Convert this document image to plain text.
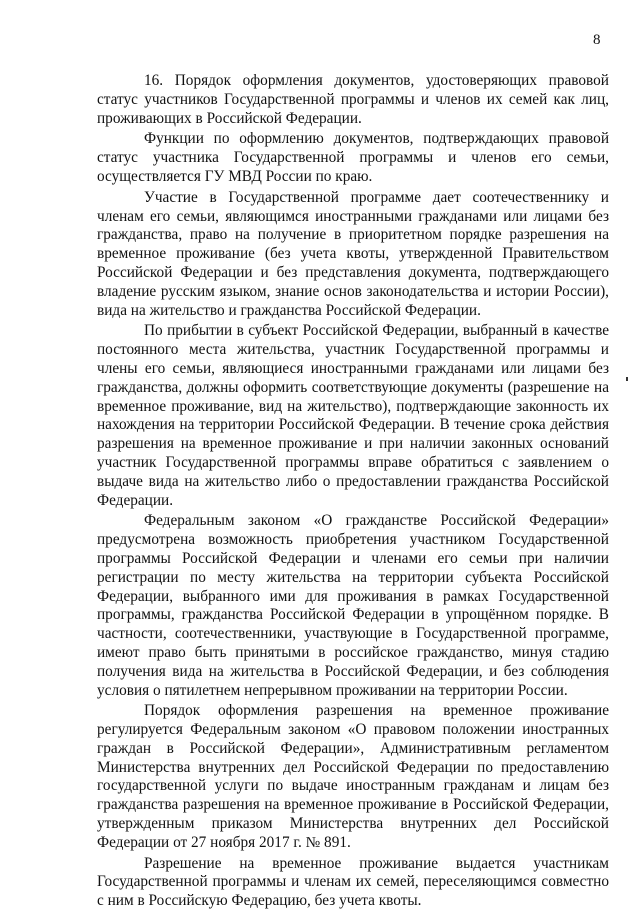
8

16. Порядок оформления документов, удостоверяющих правовой статус участников Государственной программы и членов их семей как лиц, проживающих в Российской Федерации.

Функции по оформлению документов, подтверждающих правовой статус участника Государственной программы и членов его семьи, осуществляется ГУ МВД России по краю.

Участие в Государственной программе дает соотечественнику и членам его семьи, являющимся иностранными гражданами или лицами без гражданства, право на получение в приоритетном порядке разрешения на временное проживание (без учета квоты, утвержденной Правительством Российской Федерации и без представления документа, подтверждающего владение русским языком, знание основ законодательства и истории России), вида на жительство и гражданства Российской Федерации.

По прибытии в субъект Российской Федерации, выбранный в качестве постоянного места жительства, участник Государственной программы и члены его семьи, являющиеся иностранными гражданами или лицами без гражданства, должны оформить соответствующие документы (разрешение на временное проживание, вид на жительство), подтверждающие законность их нахождения на территории Российской Федерации. В течение срока действия разрешения на временное проживание и при наличии законных оснований участник Государственной программы вправе обратиться с заявлением о выдаче вида на жительство либо о предоставлении гражданства Российской Федерации.

Федеральным законом «О гражданстве Российской Федерации» предусмотрена возможность приобретения участником Государственной программы Российской Федерации и членами его семьи при наличии регистрации по месту жительства на территории субъекта Российской Федерации, выбранного ими для проживания в рамках Государственной программы, гражданства Российской Федерации в упрощённом порядке. В частности, соотечественники, участвующие в Государственной программе, имеют право быть принятыми в российское гражданство, минуя стадию получения вида на жительства в Российской Федерации, и без соблюдения условия о пятилетнем непрерывном проживании на территории России.

Порядок оформления разрешения на временное проживание регулируется Федеральным законом «О правовом положении иностранных граждан в Российской Федерации», Административным регламентом Министерства внутренних дел Российской Федерации по предоставлению государственной услуги по выдаче иностранным гражданам и лицам без гражданства разрешения на временное проживание в Российской Федерации, утвержденным приказом Министерства внутренних дел Российской Федерации от 27 ноября 2017 г. № 891.

Разрешение на временное проживание выдается участникам Государственной программы и членам их семей, переселяющимся совместно с ним в Российскую Федерацию, без учета квоты.
